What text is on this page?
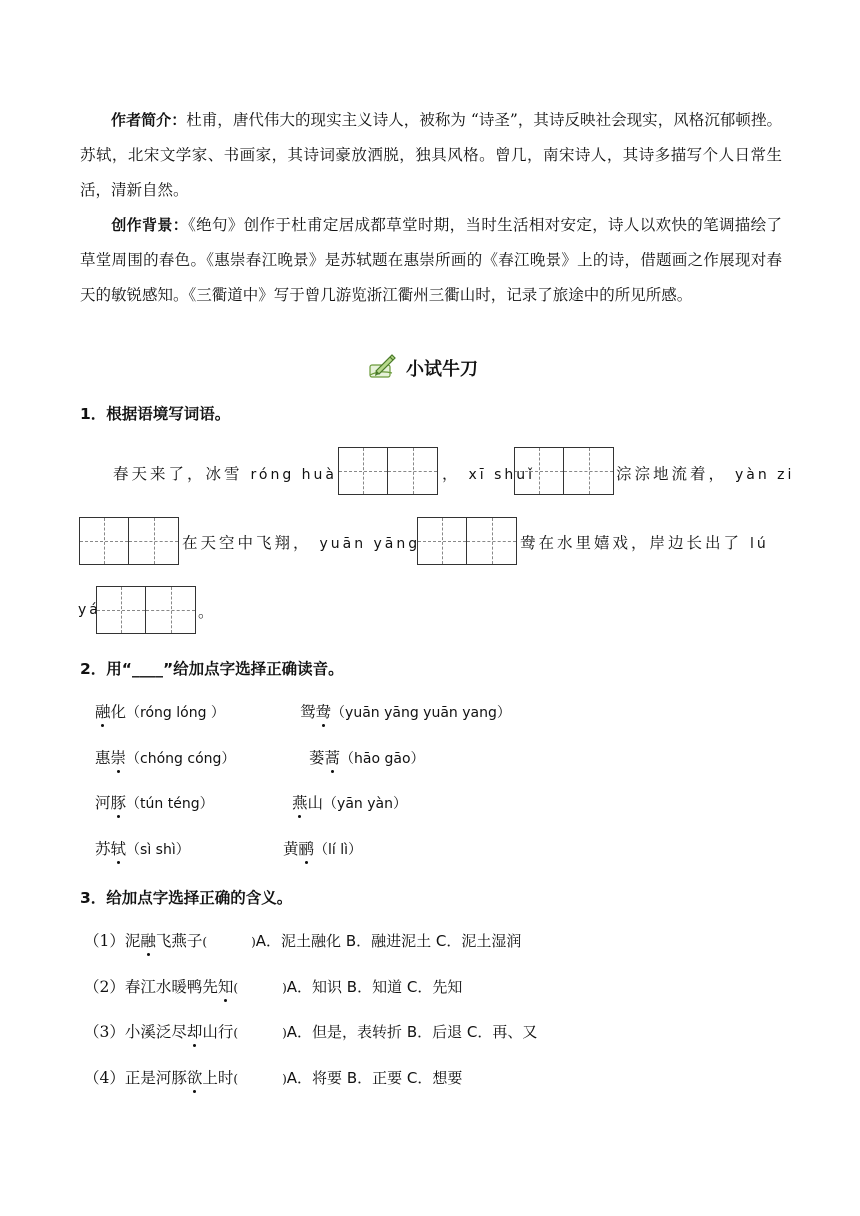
作者简介：杜甫，唐代伟大的现实主义诗人，被称为 “诗圣”，其诗反映社会现实，风格沉郁顿挫。苏轼，北宋文学家、书画家，其诗词豪放洒脱，独具风格。曾几，南宋诗人，其诗多描写个人日常生活，清新自然。

创作背景：《绝句》创作于杜甫定居成都草堂时期，当时生活相对安定，诗人以欢快的笔调描绘了草堂周围的春色。《惠崇春江晚景》是苏轼题在惠崇所画的《春江晚景》上的诗，借题画之作展现对春天的敏锐感知。《三衢道中》写于曾几游览浙江衢州三衢山时，记录了旅途中的所见所感。

小试牛刀
1．根据语境写词语。
春天来了，冰雪 róng huà	， xī shuǐ	淙淙地流着， yàn zi
在天空中飞翔， yuān yāng	鸯在水里嬉戏，岸边长出了 lú
yá	。
2．用“____”给加点字选择正确读音。
融化（róng lóng ）	鸳鸯（yuān yāng yuān yang）
惠崇（chóng cóng）	蒌蒿（hāo gāo）
河豚（tún téng）	燕山（yān yàn）
苏轼（sì shì）	黄鹂（lí lì）
3．给加点字选择正确的含义。
（1）泥融飞燕子(	)A．泥土融化 B．融进泥土 C．泥土湿润
（2）春江水暖鸭先知(	)A．知识 B．知道 C．先知
（3）小溪泛尽却山行(	)A．但是，表转折 B．后退 C．再、又
（4）正是河豚欲上时(	)A．将要 B．正要 C．想要
